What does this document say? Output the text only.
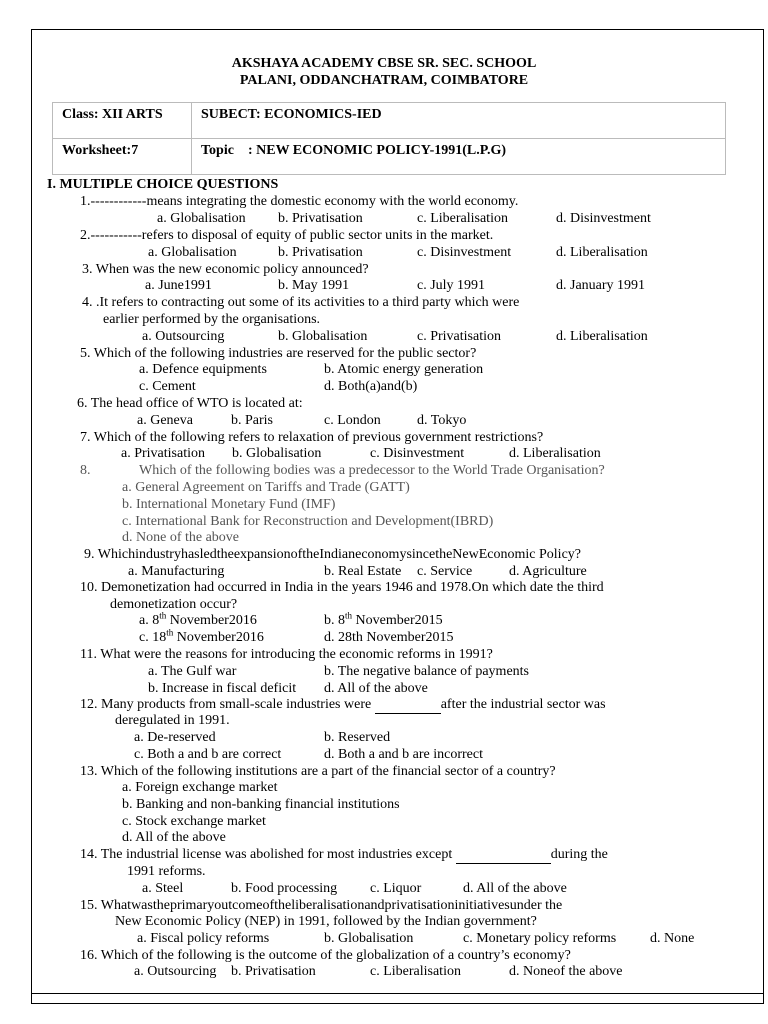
AKSHAYA ACADEMY CBSE SR. SEC. SCHOOL
PALANI, ODDANCHATRAM, COIMBATORE
Class: XII ARTS	SUBECT: ECONOMICS-IED
Worksheet:7	Topic : NEW ECONOMIC POLICY-1991(L.P.G)
I. MULTIPLE CHOICE QUESTIONS
1.------------means integrating the domestic economy with the world economy.
a. Globalisation b. Privatisation	c. Liberalisation	d. Disinvestment
2.-----------refers to disposal of equity of public sector units in the market.
a. Globalisation	b. Privatisation	c. Disinvestment	d. Liberalisation
3. When was the new economic policy announced?
a. June1991	b. May 1991	c. July 1991	d. January 1991
4. .It refers to contracting out some of its activities to a third party which were
earlier performed by the organisations.
a. Outsourcing	b. Globalisation	c. Privatisation	d. Liberalisation
5. Which of the following industries are reserved for the public sector?
a. Defence equipments	b. Atomic energy generation
c. Cement	d. Both(a)and(b)
6. The head office of WTO is located at:
a. Geneva	b. Paris	c. London	d. Tokyo
7. Which of the following refers to relaxation of previous government restrictions?
a. Privatisation b. Globalisation	c. Disinvestment	d. Liberalisation
8.	Which of the following bodies was a predecessor to the World Trade Organisation?
a. General Agreement on Tariffs and Trade (GATT)
b. International Monetary Fund (IMF)
c. International Bank for Reconstruction and Development(IBRD)
d. None of the above
9. WhichindustryhasledtheexpansionoftheIndianeconomysincetheNewEconomic Policy?
a. Manufacturing	b. Real Estate c. Service	d. Agriculture
10. Demonetization had occurred in India in the years 1946 and 1978.On which date the third
demonetization occur?
a. 8th November2016	b. 8th November2015
c. 18th November2016	d. 28th November2015
11. What were the reasons for introducing the economic reforms in 1991?
a. The Gulf war	b. The negative balance of payments
b. Increase in fiscal deficit d. All of the above
12. Many products from small-scale industries were	after the industrial sector was
deregulated in 1991.
a. De-reserved	b. Reserved
c. Both a and b are correct	d. Both a and b are incorrect
13. Which of the following institutions are a part of the financial sector of a country?
a. Foreign exchange market
b. Banking and non-banking financial institutions
c. Stock exchange market
d. All of the above
14. The industrial license was abolished for most industries except	during the
1991 reforms.
a. Steel	b. Food processing c. Liquor	d. All of the above
15. Whatwastheprimaryoutcomeoftheliberalisationandprivatisationinitiativesunder the
New Economic Policy (NEP) in 1991, followed by the Indian government?
a. Fiscal policy reforms	b. Globalisation	c. Monetary policy reforms d. None
16. Which of the following is the outcome of the globalization of a country’s economy?
a. Outsourcing b. Privatisation	c. Liberalisation	d. Noneof the above
